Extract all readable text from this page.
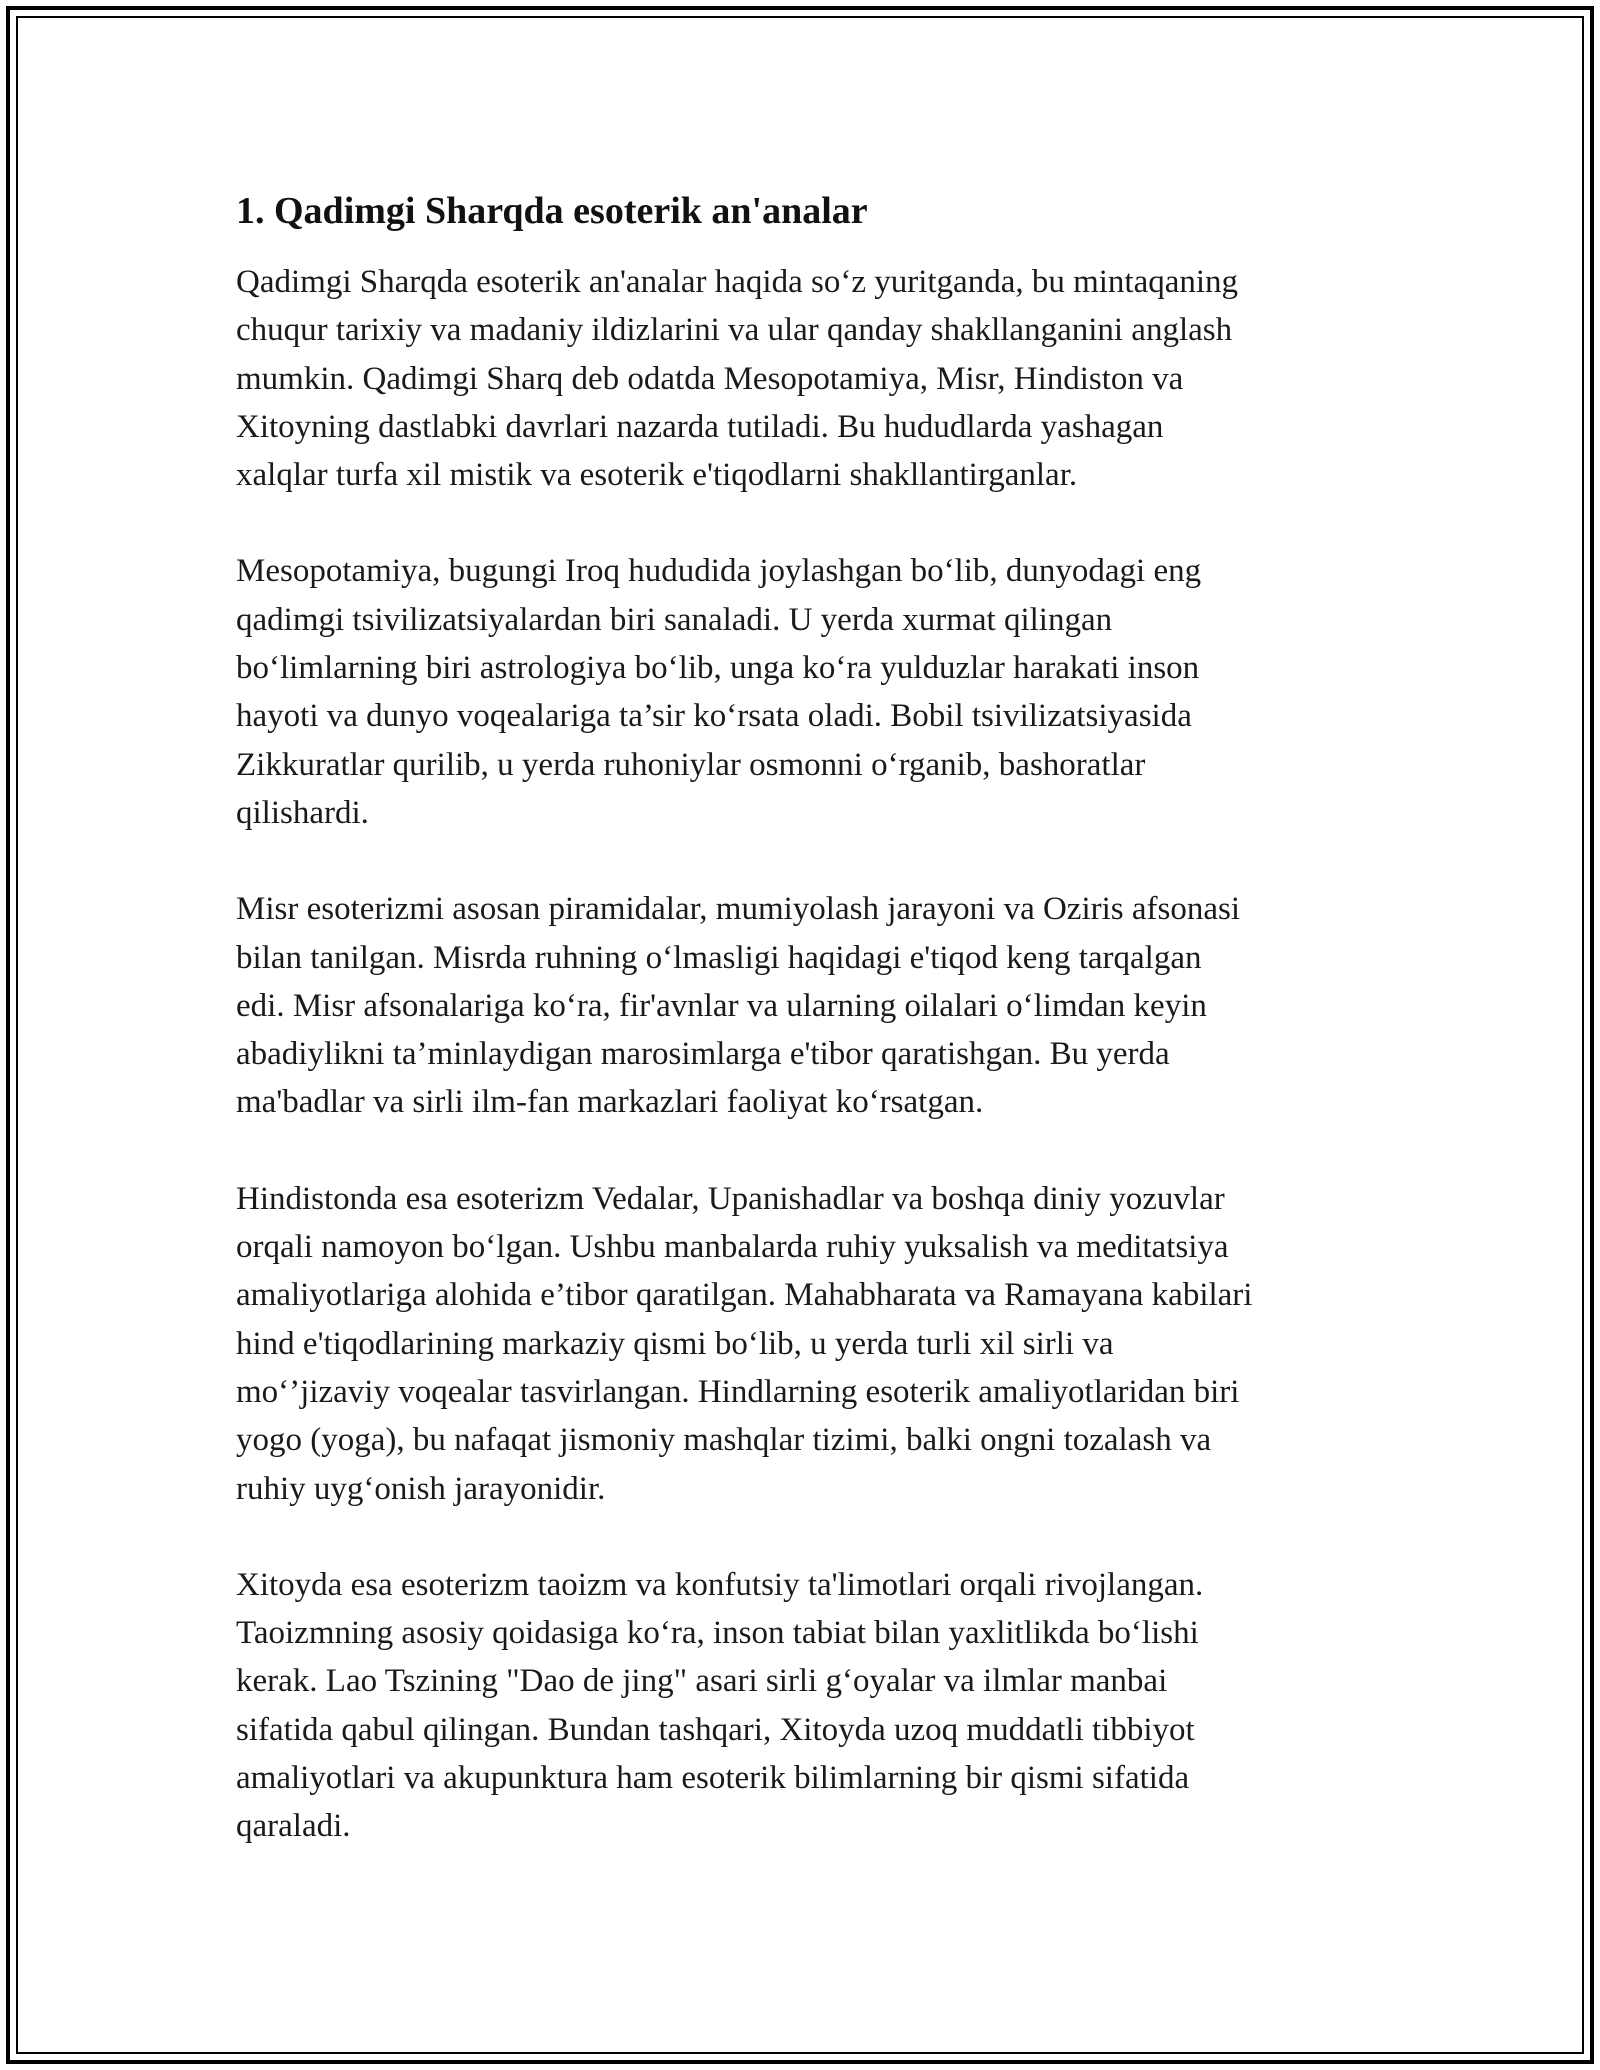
1. Qadimgi Sharqda esoterik an'analar

Qadimgi Sharqda esoterik an'analar haqida so‘z yuritganda, bu mintaqaning
chuqur tarixiy va madaniy ildizlarini va ular qanday shakllanganini anglash
mumkin. Qadimgi Sharq deb odatda Mesopotamiya, Misr, Hindiston va
Xitoyning dastlabki davrlari nazarda tutiladi. Bu hududlarda yashagan
xalqlar turfa xil mistik va esoterik e'tiqodlarni shakllantirganlar.

Mesopotamiya, bugungi Iroq hududida joylashgan bo‘lib, dunyodagi eng
qadimgi tsivilizatsiyalardan biri sanaladi. U yerda xurmat qilingan
bo‘limlarning biri astrologiya bo‘lib, unga ko‘ra yulduzlar harakati inson
hayoti va dunyo voqealariga ta’sir ko‘rsata oladi. Bobil tsivilizatsiyasida
Zikkuratlar qurilib, u yerda ruhoniylar osmonni o‘rganib, bashoratlar
qilishardi.

Misr esoterizmi asosan piramidalar, mumiyolash jarayoni va Oziris afsonasi
bilan tanilgan. Misrda ruhning o‘lmasligi haqidagi e'tiqod keng tarqalgan
edi. Misr afsonalariga ko‘ra, fir'avnlar va ularning oilalari o‘limdan keyin
abadiylikni ta’minlaydigan marosimlarga e'tibor qaratishgan. Bu yerda
ma'badlar va sirli ilm-fan markazlari faoliyat ko‘rsatgan.

Hindistonda esa esoterizm Vedalar, Upanishadlar va boshqa diniy yozuvlar
orqali namoyon bo‘lgan. Ushbu manbalarda ruhiy yuksalish va meditatsiya
amaliyotlariga alohida e’tibor qaratilgan. Mahabharata va Ramayana kabilari
hind e'tiqodlarining markaziy qismi bo‘lib, u yerda turli xil sirli va
mo‘’jizaviy voqealar tasvirlangan. Hindlarning esoterik amaliyotlaridan biri
yogo (yoga), bu nafaqat jismoniy mashqlar tizimi, balki ongni tozalash va
ruhiy uyg‘onish jarayonidir.

Xitoyda esa esoterizm taoizm va konfutsiy ta'limotlari orqali rivojlangan.
Taoizmning asosiy qoidasiga ko‘ra, inson tabiat bilan yaxlitlikda bo‘lishi
kerak. Lao Tszining "Dao de jing" asari sirli g‘oyalar va ilmlar manbai
sifatida qabul qilingan. Bundan tashqari, Xitoyda uzoq muddatli tibbiyot
amaliyotlari va akupunktura ham esoterik bilimlarning bir qismi sifatida
qaraladi.
